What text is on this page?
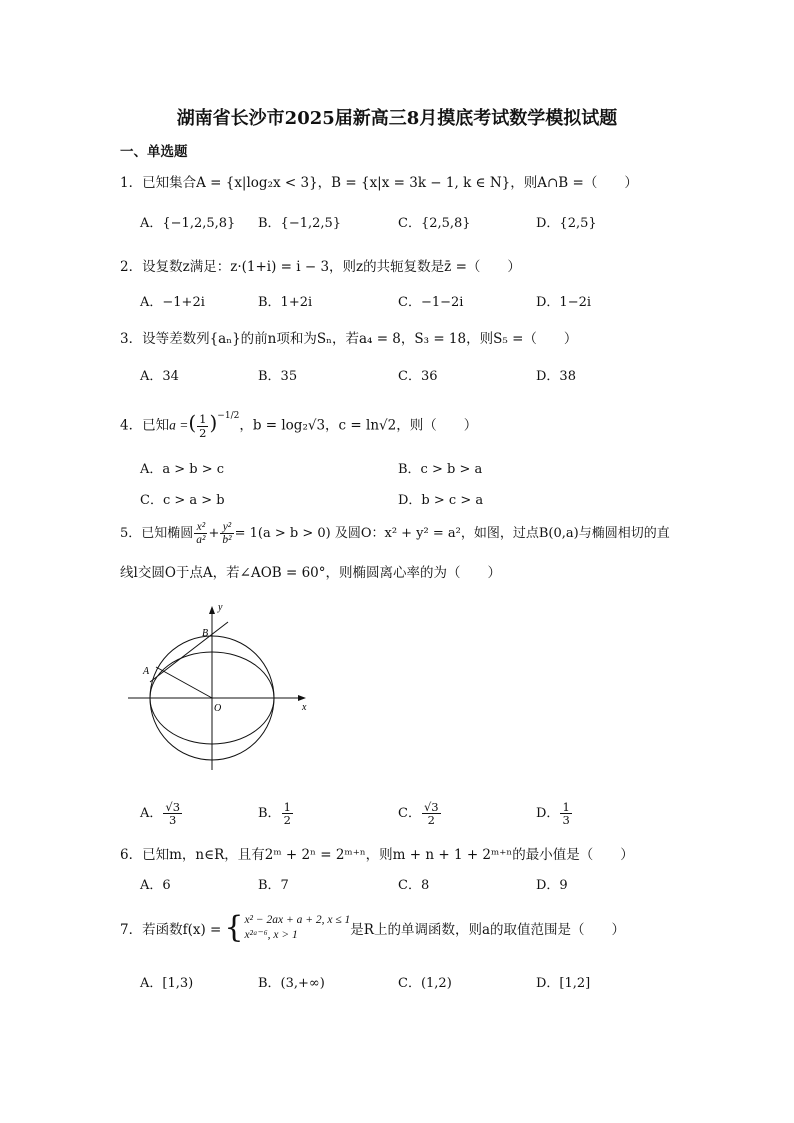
湖南省长沙市2025届新高三8月摸底考试数学模拟试题
一、单选题
1．已知集合A = {x|log₂x < 3}，B = {x|x = 3k − 1, k ∈ N}，则A∩B =（　　）
A．{−1,2,5,8} B．{−1,2,5}	C．{2,5,8}	D．{2,5}
2．设复数z满足：z·(1+i) = i − 3，则z的共轭复数是z̄ =（　　）
A．−1+2i	B．1+2i	C．−1−2i	D．1−2i
3．设等差数列{aₙ}的前n项和为Sₙ，若a₄ = 8，S₃ = 18，则S₅ =（　　）
A．34	B．35	C．36	D．38
4．已知a =( $\frac{1}{2} )^{-1/2}$，b = log₂√3，c = ln√2，则（　　）
A．a > b > c	B．c > b > a
C．c > a > b	D．b > c > a
5．已知椭圆 $\frac{\text{x²}}{\text{a²}} + \frac{\text{y²}}{\text{b²}} = 1(a > b > 0)$ 及圆O：x² + y² = a²，如图，过点B(0,a)与椭圆相切的直
线l交圆O于点A，若∠AOB = 60°，则椭圆离心率的为（　　）
y
x
O
A
B
A． $\frac{√3}{3}$	B． $\frac{1}{2}$	C． $\frac{√3}{2}$	D． $\frac{1}{3}$
6．已知m，n∈R，且有2ᵐ + 2ⁿ = 2ᵐ⁺ⁿ，则m + n + 1 + 2ᵐ⁺ⁿ的最小值是（　　）
A．6	B．7	C．8	D．9
7．若函数f(x) = { x² − 2ax + a + 2, x ≤ 1
x²ᵃ⁻⁶, x > 1	是R上的单调函数，则a的取值范围是（　　）
A．[1,3)	B．(3,+∞)	C．(1,2)	D．[1,2]
